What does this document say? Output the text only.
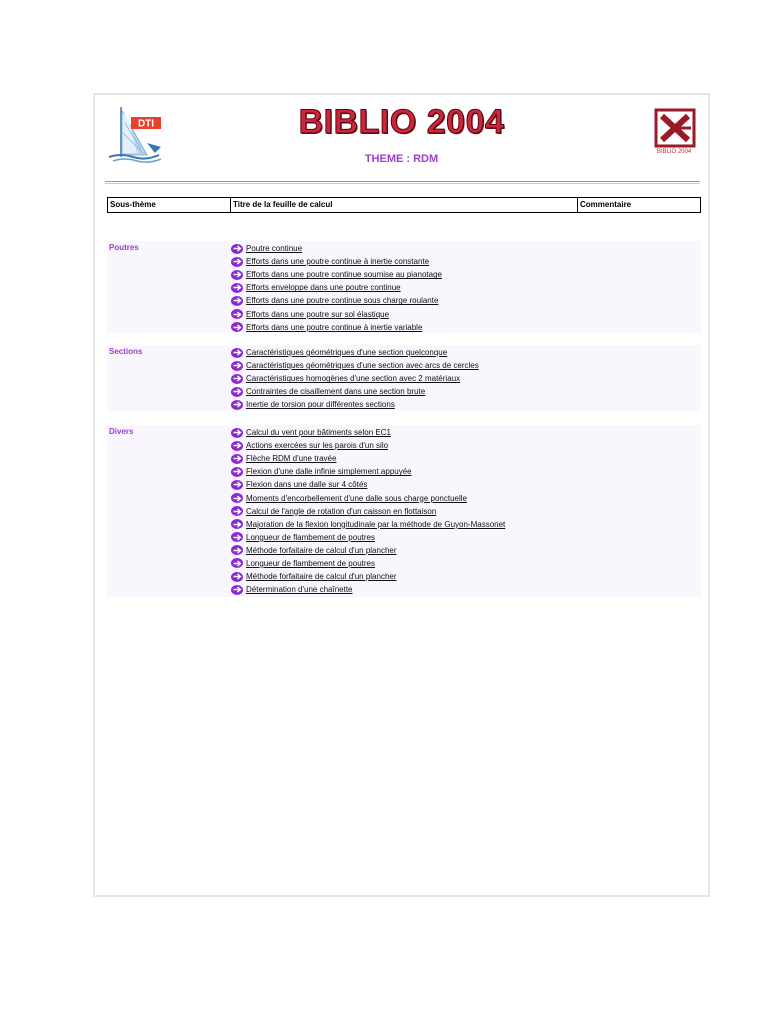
DTI	BIBLIO 2004
THEME : RDM
BIBLIO 2004
Sous-thème	Titre de la feuille de calcul	Commentaire
Poutres	Poutre continue
Efforts dans une poutre continue à inertie constante
Efforts dans une poutre continue soumise au pianotage
Efforts enveloppe dans une poutre continue
Efforts dans une poutre continue sous charge roulante
Efforts dans une poutre sur sol élastique
Efforts dans une poutre continue à inertie variable
Sections	Caractéristiques géométriques d'une section quelconque
Caractéristiques géométriques d'une section avec arcs de cercles
Caractéristiques homogènes d'une section avec 2 matériaux
Contraintes de cisaillement dans une section brute
Inertie de torsion pour différentes sections
Divers	Calcul du vent pour bâtiments selon EC1
Actions exercées sur les parois d'un silo
Flèche RDM d'une travée
Flexion d'une dalle infinie simplement appuyée
Flexion dans une dalle sur 4 côtés
Moments d'encorbellement d'une dalle sous charge ponctuelle
Calcul de l'angle de rotation d'un caisson en flottaison
Majoration de la flexion longitudinale par la méthode de Guyon-Massonet
Longueur de flambement de poutres
Méthode forfaitaire de calcul d'un plancher
Longueur de flambement de poutres
Méthode forfaitaire de calcul d'un plancher
Détermination d'une chaînette
